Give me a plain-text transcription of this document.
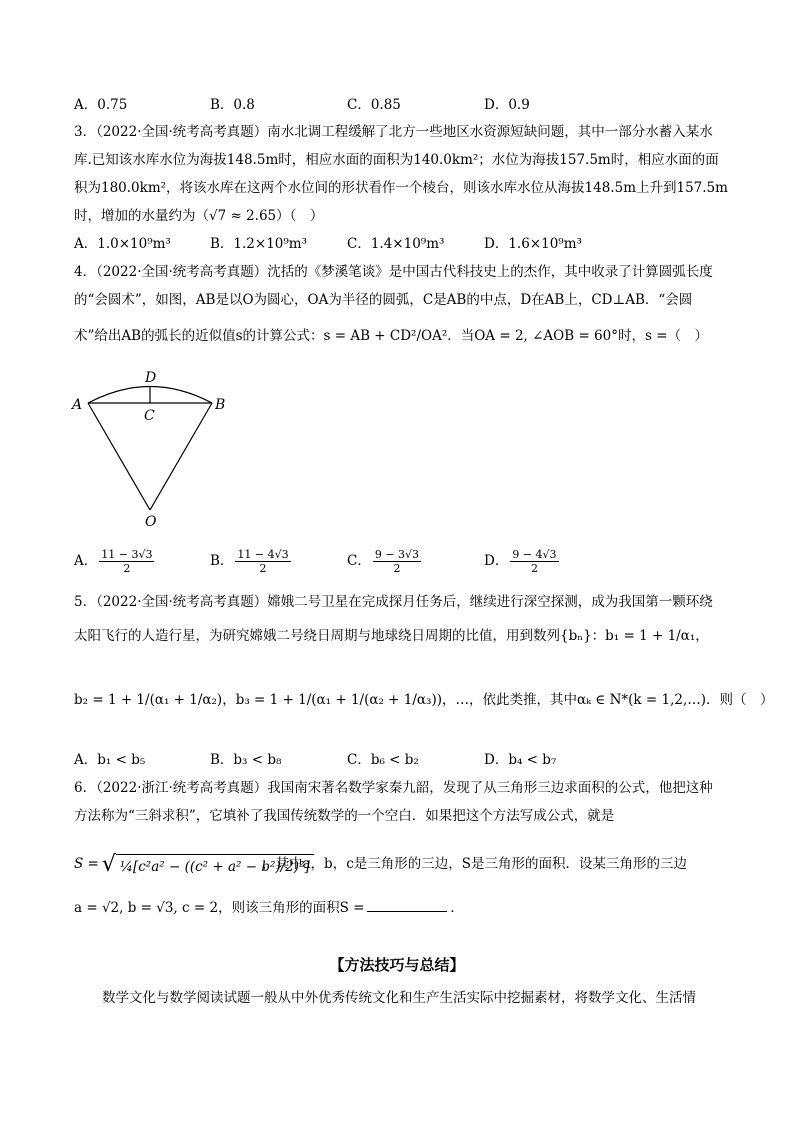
A．0.75	B．0.8	C．0.85	D．0.9
3．（2022·全国·统考高考真题）南水北调工程缓解了北方一些地区水资源短缺问题，其中一部分水蓄入某水
库.已知该水库水位为海拔148.5m时，相应水面的面积为140.0km²；水位为海拔157.5m时，相应水面的面
积为180.0km²，将该水库在这两个水位间的形状看作一个棱台，则该水库水位从海拔148.5m上升到157.5m
时，增加的水量约为（√7 ≈ 2.65）（　）
A．1.0×10⁹m³	B．1.2×10⁹m³	C．1.4×10⁹m³	D．1.6×10⁹m³
4．（2022·全国·统考高考真题）沈括的《梦溪笔谈》是中国古代科技史上的杰作，其中收录了计算圆弧长度
的“会圆术”，如图，AB是以O为圆心，OA为半径的圆弧，C是AB的中点，D在AB上，CD⊥AB．“会圆
术”给出AB的弧长的近似值s的计算公式：s = AB + CD²/OA²．当OA = 2, ∠AOB = 60°时，s =（　）
D
A
C
B
O
A． $\frac{11 - 3√3}{2}$	B． $\frac{11 - 4√3}{2}$	C． $\frac{9 - 3√3}{2}$	D． $\frac{9 - 4√3}{2}$
5．（2022·全国·统考高考真题）嫦娥二号卫星在完成探月任务后，继续进行深空探测，成为我国第一颗环绕
太阳飞行的人造行星，为研究嫦娥二号绕日周期与地球绕日周期的比值，用到数列{bₙ}：b₁ = 1 + 1/α₁，
b₂ = 1 + 1/(α₁ + 1/α₂)，b₃ = 1 + 1/(α₁ + 1/(α₂ + 1/α₃))，…，依此类推，其中αₖ ∈ N*(k = 1,2,…)．则（　）
A．b₁ < b₅	B．b₃ < b₈	C．b₆ < b₂	D．b₄ < b₇
6．（2022·浙江·统考高考真题）我国南宋著名数学家秦九韶，发现了从三角形三边求面积的公式，他把这种
方法称为“三斜求积”，它填补了我国传统数学的一个空白．如果把这个方法写成公式，就是
S = √ ¼[c²a² − ((c² + a² − b²)/2)²]
，其中a，b，c是三角形的三边，S是三角形的面积．设某三角形的三边
a = √2, b = √3, c = 2，则该三角形的面积S =	．
【方法技巧与总结】
数学文化与数学阅读试题一般从中外优秀传统文化和生产生活实际中挖掘素材，将数学文化、生活情
